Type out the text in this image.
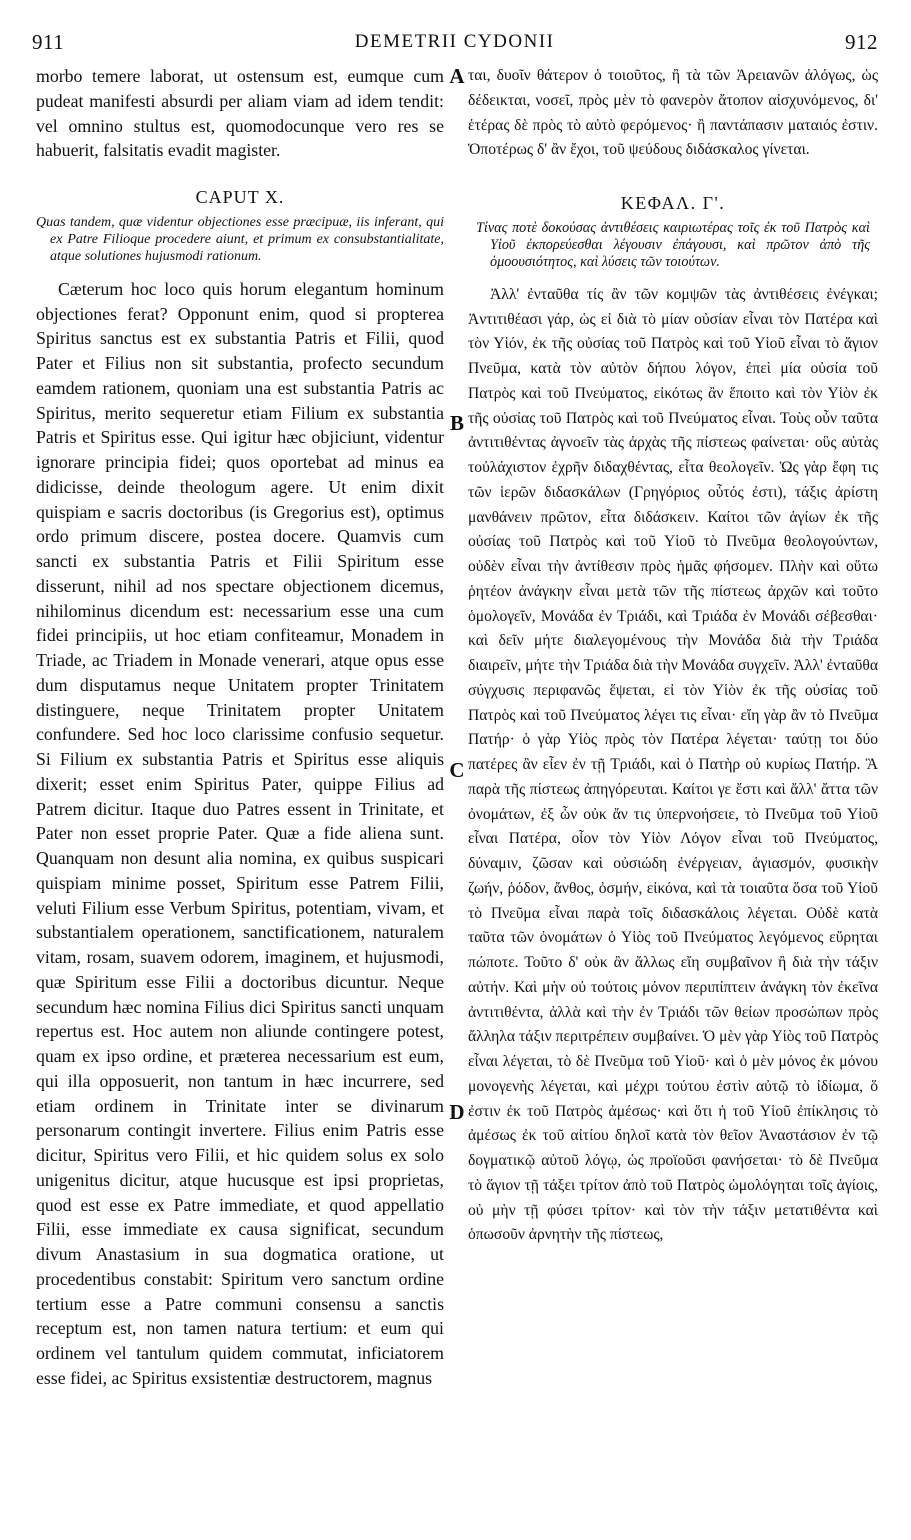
911	DEMETRII CYDONII	912

morbo temere laborat, ut ostensum est, eumque cum pudeat manifesti absurdi per aliam viam ad idem tendit: vel omnino stultus est, quomodocunque vero res se habuerit, falsitatis evadit magister.

CAPUT X.
Quas tandem, quæ videntur objectiones esse præcipuæ, iis inferant, qui ex Patre Filioque procedere aiunt, et primum ex consubstantialitate, atque solutiones hujusmodi rationum.

Cæterum hoc loco quis horum elegantum hominum objectiones ferat? Opponunt enim, quod si propterea Spiritus sanctus est ex substantia Patris et Filii, quod Pater et Filius non sit substantia, profecto secundum eamdem rationem, quoniam una est substantia Patris ac Spiritus, merito sequeretur etiam Filium ex substantia Patris et Spiritus esse. Qui igitur hæc objiciunt, videntur ignorare principia fidei; quos oportebat ad minus ea didicisse, deinde theologum agere. Ut enim dixit quispiam e sacris doctoribus (is Gregorius est), optimus ordo primum discere, postea docere. Quamvis cum sancti ex substantia Patris et Filii Spiritum esse disserunt, nihil ad nos spectare objectionem dicemus, nihilominus dicendum est: necessarium esse una cum fidei principiis, ut hoc etiam confiteamur, Monadem in Triade, ac Triadem in Monade venerari, atque opus esse dum disputamus neque Unitatem propter Trinitatem distinguere, neque Trinitatem propter Unitatem confundere. Sed hoc loco clarissime confusio sequetur. Si Filium ex substantia Patris et Spiritus esse aliquis dixerit; esset enim Spiritus Pater, quippe Filius ad Patrem dicitur. Itaque duo Patres essent in Trinitate, et Pater non esset proprie Pater. Quæ a fide aliena sunt. Quanquam non desunt alia nomina, ex quibus suspicari quispiam minime posset, Spiritum esse Patrem Filii, veluti Filium esse Verbum Spiritus, potentiam, vivam, et substantialem operationem, sanctificationem, naturalem vitam, rosam, suavem odorem, imaginem, et hujusmodi, quæ Spiritum esse Filii a doctoribus dicuntur. Neque secundum hæc nomina Filius dici Spiritus sancti unquam repertus est. Hoc autem non aliunde contingere potest, quam ex ipso ordine, et præterea necessarium est eum, qui illa opposuerit, non tantum in hæc incurrere, sed etiam ordinem in Trinitate inter se divinarum personarum contingit invertere. Filius enim Patris esse dicitur, Spiritus vero Filii, et hic quidem solus ex solo unigenitus dicitur, atque hucusque est ipsi proprietas, quod est esse ex Patre immediate, et quod appellatio Filii, esse immediate ex causa significat, secundum divum Anastasium in sua dogmatica oratione, ut procedentibus constabit: Spiritum vero sanctum ordine tertium esse a Patre communi consensu a sanctis receptum est, non tamen natura tertium: et eum qui ordinem vel tantulum quidem commutat, inficiatorem esse fidei, ac Spiritus exsistentiæ destructorem, magnus

A
B
C
D

ται, δυοῖν θάτερον ὁ τοιοῦτος, ἢ τὰ τῶν Ἀρειανῶν ἀλόγως, ὡς δέδεικται, νοσεῖ, πρὸς μὲν τὸ φανερὸν ἄτοπον αἰσχυνόμενος, δι' ἑτέρας δὲ πρὸς τὸ αὐτὸ φερόμενος· ἢ παντάπασιν ματαιός ἐστιν. Ὁποτέρως δ' ἂν ἔχοι, τοῦ ψεύδους διδάσκαλος γίνεται.

ΚΕΦΑΛ. Γ'.
Τίνας ποτὲ δοκούσας ἀντιθέσεις καιριωτέρας τοῖς ἐκ τοῦ Πατρὸς καὶ Υἱοῦ ἐκπορεύεσθαι λέγουσιν ἐπάγουσι, καὶ πρῶτον ἀπὸ τῆς ὁμοουσιότητος, καὶ λύσεις τῶν τοιούτων.

Ἀλλ' ἐνταῦθα τίς ἂν τῶν κομψῶν τὰς ἀντιθέσεις ἐνέγκαι; Ἀντιτιθέασι γάρ, ὡς εἰ διὰ τὸ μίαν οὐσίαν εἶναι τὸν Πατέρα καὶ τὸν Υἱόν, ἐκ τῆς οὐσίας τοῦ Πατρὸς καὶ τοῦ Υἱοῦ εἶναι τὸ ἅγιον Πνεῦμα, κατὰ τὸν αὐτὸν δήπου λόγον, ἐπεὶ μία οὐσία τοῦ Πατρὸς καὶ τοῦ Πνεύματος, εἰκότως ἂν ἕποιτο καὶ τὸν Υἱὸν ἐκ τῆς οὐσίας τοῦ Πατρὸς καὶ τοῦ Πνεύματος εἶναι. Τοὺς οὖν ταῦτα ἀντιτιθέντας ἀγνοεῖν τὰς ἀρχὰς τῆς πίστεως φαίνεται· οὓς αὐτὰς τοὐλάχιστον ἐχρῆν διδαχθέντας, εἶτα θεολογεῖν. Ὡς γὰρ ἔφη τις τῶν ἱερῶν διδασκάλων (Γρηγόριος οὗτός ἐστι), τάξις ἀρίστη μανθάνειν πρῶτον, εἶτα διδάσκειν. Καίτοι τῶν ἁγίων ἐκ τῆς οὐσίας τοῦ Πατρὸς καὶ τοῦ Υἱοῦ τὸ Πνεῦμα θεολογούντων, οὐδὲν εἶναι τὴν ἀντίθεσιν πρὸς ἡμᾶς φήσομεν. Πλὴν καὶ οὕτω ῥητέον ἀνάγκην εἶναι μετὰ τῶν τῆς πίστεως ἀρχῶν καὶ τοῦτο ὁμολογεῖν, Μονάδα ἐν Τριάδι, καὶ Τριάδα ἐν Μονάδι σέβεσθαι· καὶ δεῖν μήτε διαλεγομένους τὴν Μονάδα διὰ τὴν Τριάδα διαιρεῖν, μήτε τὴν Τριάδα διὰ τὴν Μονάδα συγχεῖν. Ἀλλ' ἐνταῦθα σύγχυσις περιφανῶς ἕψεται, εἰ τὸν Υἱὸν ἐκ τῆς οὐσίας τοῦ Πατρὸς καὶ τοῦ Πνεύματος λέγει τις εἶναι· εἴη γὰρ ἂν τὸ Πνεῦμα Πατήρ· ὁ γὰρ Υἱὸς πρὸς τὸν Πατέρα λέγεται· ταύτῃ τοι δύο πατέρες ἂν εἶεν ἐν τῇ Τριάδι, καὶ ὁ Πατὴρ οὐ κυρίως Πατήρ. Ἃ παρὰ τῆς πίστεως ἀπηγόρευται. Καίτοι γε ἔστι καὶ ἄλλ' ἄττα τῶν ὀνομάτων, ἐξ ὧν οὐκ ἄν τις ὑπερνοήσειε, τὸ Πνεῦμα τοῦ Υἱοῦ εἶναι Πατέρα, οἷον τὸν Υἱὸν Λόγον εἶναι τοῦ Πνεύματος, δύναμιν, ζῶσαν καὶ οὐσιώδη ἐνέργειαν, ἁγιασμόν, φυσικὴν ζωήν, ῥόδον, ἄνθος, ὀσμήν, εἰκόνα, καὶ τὰ τοιαῦτα ὅσα τοῦ Υἱοῦ τὸ Πνεῦμα εἶναι παρὰ τοῖς διδασκάλοις λέγεται. Οὐδὲ κατὰ ταῦτα τῶν ὀνομάτων ὁ Υἱὸς τοῦ Πνεύματος λεγόμενος εὕρηται πώποτε. Τοῦτο δ' οὐκ ἂν ἄλλως εἴη συμβαῖνον ἢ διὰ τὴν τάξιν αὐτήν. Καὶ μὴν οὐ τούτοις μόνον περιπίπτειν ἀνάγκη τὸν ἐκεῖνα ἀντιτιθέντα, ἀλλὰ καὶ τὴν ἐν Τριάδι τῶν θείων προσώπων πρὸς ἄλληλα τάξιν περιτρέπειν συμβαίνει. Ὁ μὲν γὰρ Υἱὸς τοῦ Πατρὸς εἶναι λέγεται, τὸ δὲ Πνεῦμα τοῦ Υἱοῦ· καὶ ὁ μὲν μόνος ἐκ μόνου μονογενὴς λέγεται, καὶ μέχρι τούτου ἐστὶν αὐτῷ τὸ ἰδίωμα, ὅ ἐστιν ἐκ τοῦ Πατρὸς ἀμέσως· καὶ ὅτι ἡ τοῦ Υἱοῦ ἐπίκλησις τὸ ἀμέσως ἐκ τοῦ αἰτίου δηλοῖ κατὰ τὸν θεῖον Ἀναστάσιον ἐν τῷ δογματικῷ αὐτοῦ λόγῳ, ὡς προϊοῦσι φανήσεται· τὸ δὲ Πνεῦμα τὸ ἅγιον τῇ τάξει τρίτον ἀπὸ τοῦ Πατρὸς ὡμολόγηται τοῖς ἁγίοις, οὐ μὴν τῇ φύσει τρίτον· καὶ τὸν τὴν τάξιν μετατιθέντα καὶ ὁπωσοῦν ἀρνητὴν τῆς πίστεως,
